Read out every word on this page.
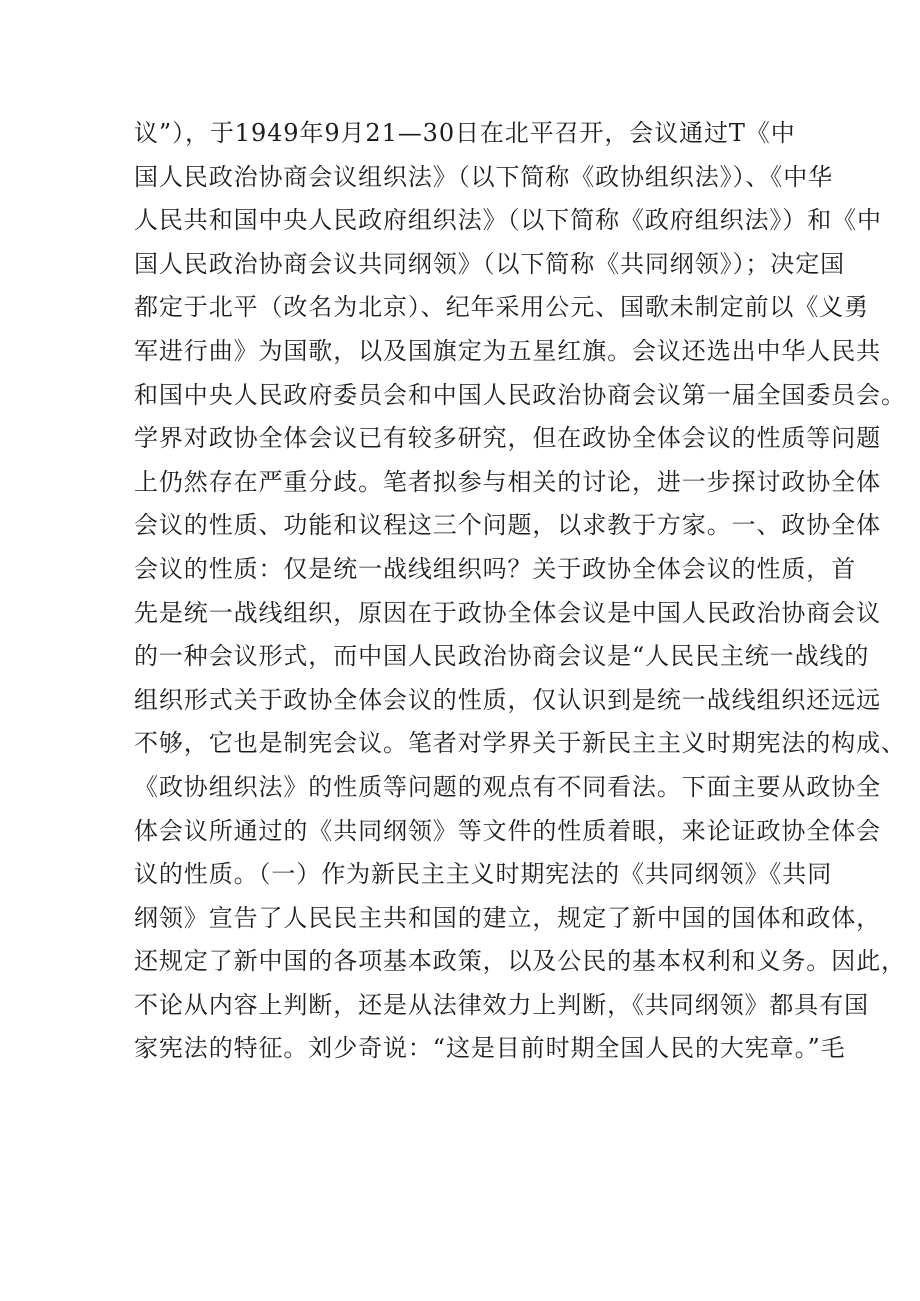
议”），于1949年9月21—30日在北平召开，会议通过T《中
国人民政治协商会议组织法》（以下简称《政协组织法》）、《中华
人民共和国中央人民政府组织法》（以下简称《政府组织法》）和《中
国人民政治协商会议共同纲领》（以下简称《共同纲领》）；决定国
都定于北平（改名为北京）、纪年采用公元、国歌未制定前以《义勇
军进行曲》为国歌，以及国旗定为五星红旗。会议还选出中华人民共
和国中央人民政府委员会和中国人民政治协商会议第一届全国委员会。
学界对政协全体会议已有较多研究，但在政协全体会议的性质等问题
上仍然存在严重分歧。笔者拟参与相关的讨论，进一步探讨政协全体
会议的性质、功能和议程这三个问题，以求教于方家。一、政协全体
会议的性质：仅是统一战线组织吗？关于政协全体会议的性质，首
先是统一战线组织，原因在于政协全体会议是中国人民政治协商会议
的一种会议形式，而中国人民政治协商会议是“人民民主统一战线的
组织形式关于政协全体会议的性质，仅认识到是统一战线组织还远远
不够，它也是制宪会议。笔者对学界关于新民主主义时期宪法的构成、
《政协组织法》的性质等问题的观点有不同看法。下面主要从政协全
体会议所通过的《共同纲领》等文件的性质着眼，来论证政协全体会
议的性质。（一）作为新民主主义时期宪法的《共同纲领》《共同
纲领》宣告了人民民主共和国的建立，规定了新中国的国体和政体，
还规定了新中国的各项基本政策，以及公民的基本权利和义务。因此，
不论从内容上判断，还是从法律效力上判断，《共同纲领》都具有国
家宪法的特征。刘少奇说：“这是目前时期全国人民的大宪章。”毛
